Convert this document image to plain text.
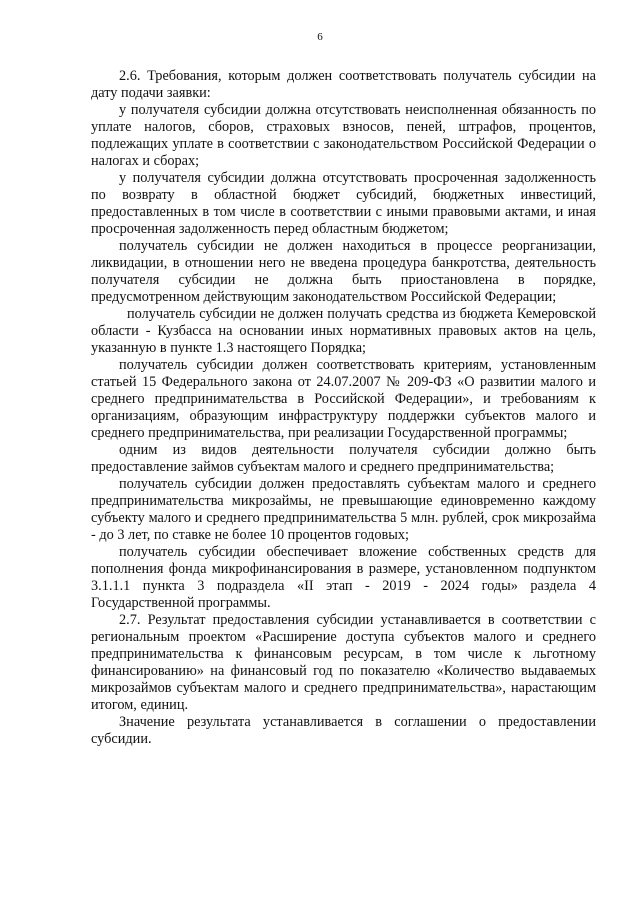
6

2.6. Требования, которым должен соответствовать получатель субсидии на дату подачи заявки:

у получателя субсидии должна отсутствовать неисполненная обязанность по уплате налогов, сборов, страховых взносов, пеней, штрафов, процентов, подлежащих уплате в соответствии с законодательством Российской Федерации о налогах и сборах;

у получателя субсидии должна отсутствовать просроченная задолженность по возврату в областной бюджет субсидий, бюджетных инвестиций, предоставленных в том числе в соответствии с иными правовыми актами, и иная просроченная задолженность перед областным бюджетом;

получатель субсидии не должен находиться в процессе реорганизации, ликвидации, в отношении него не введена процедура банкротства, деятельность получателя субсидии не должна быть приостановлена в порядке, предусмотренном действующим законодательством Российской Федерации;

получатель субсидии не должен получать средства из бюджета Кемеровской области - Кузбасса на основании иных нормативных правовых актов на цель, указанную в пункте 1.3 настоящего Порядка;

получатель субсидии должен соответствовать критериям, установленным статьей 15 Федерального закона от 24.07.2007 № 209-ФЗ «О развитии малого и среднего предпринимательства в Российской Федерации», и требованиям к организациям, образующим инфраструктуру поддержки субъектов малого и среднего предпринимательства, при реализации Государственной программы;

одним из видов деятельности получателя субсидии должно быть предоставление займов субъектам малого и среднего предпринимательства;

получатель субсидии должен предоставлять субъектам малого и среднего предпринимательства микрозаймы, не превышающие единовременно каждому субъекту малого и среднего предпринимательства 5 млн. рублей, срок микрозайма - до 3 лет, по ставке не более 10 процентов годовых;

получатель субсидии обеспечивает вложение собственных средств для пополнения фонда микрофинансирования в размере, установленном подпунктом 3.1.1.1 пункта 3 подраздела «II этап - 2019 - 2024 годы» раздела 4 Государственной программы.

2.7. Результат предоставления субсидии устанавливается в соответствии с региональным проектом «Расширение доступа субъектов малого и среднего предпринимательства к финансовым ресурсам, в том числе к льготному финансированию» на финансовый год по показателю «Количество выдаваемых микрозаймов субъектам малого и среднего предпринимательства», нарастающим итогом, единиц.

Значение результата устанавливается в соглашении о предоставлении субсидии.
